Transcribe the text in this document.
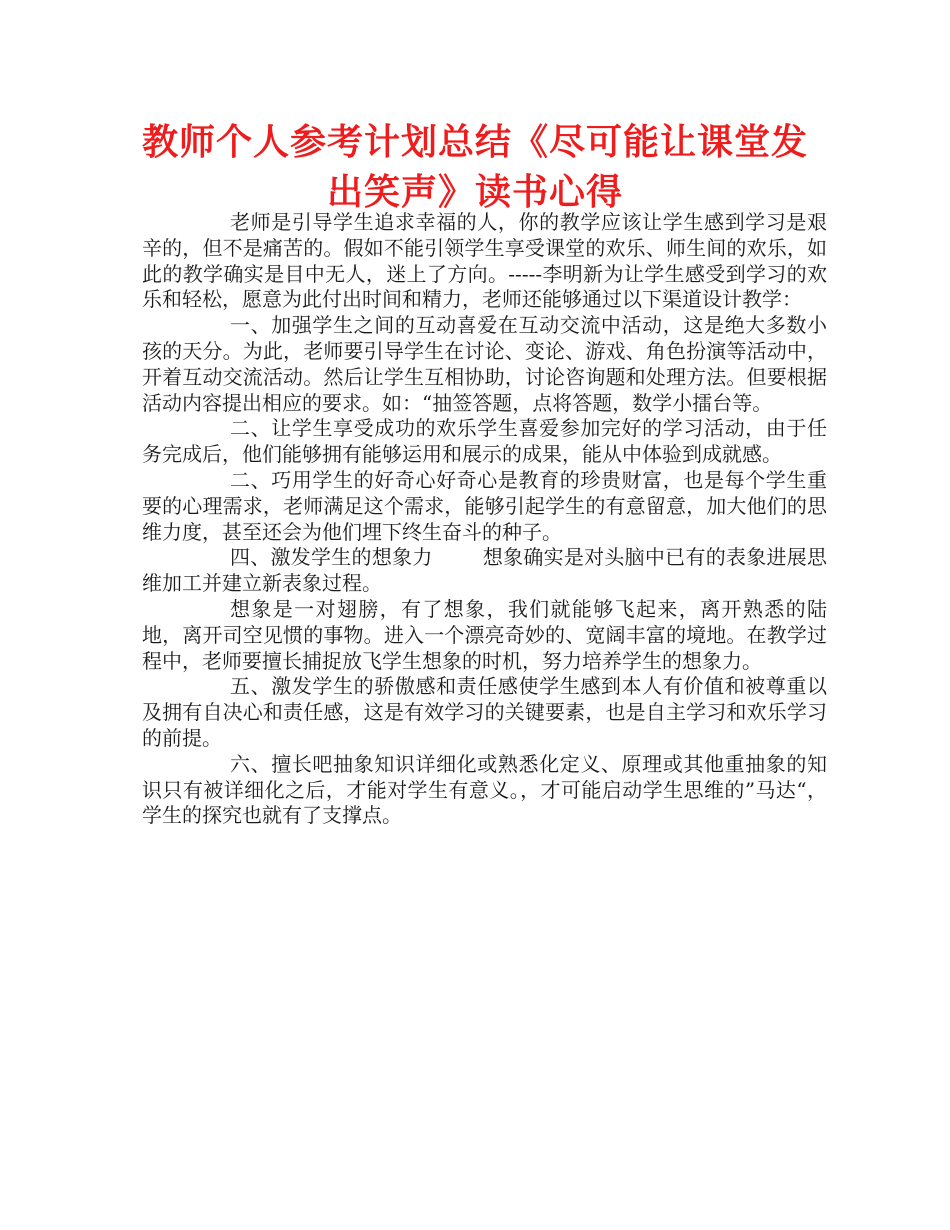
教师个人参考计划总结《尽可能让课堂发出笑声》读书心得

老师是引导学生追求幸福的人，你的教学应该让学生感到学习是艰辛的，但不是痛苦的。假如不能引领学生享受课堂的欢乐、师生间的欢乐，如此的教学确实是目中无人，迷上了方向。-----李明新为让学生感受到学习的欢乐和轻松，愿意为此付出时间和精力，老师还能够通过以下渠道设计教学：

一、加强学生之间的互动喜爱在互动交流中活动，这是绝大多数小孩的天分。为此，老师要引导学生在讨论、变论、游戏、角色扮演等活动中，开着互动交流活动。然后让学生互相协助，讨论咨询题和处理方法。但要根据活动内容提出相应的要求。如：“抽签答题，点将答题，数学小擂台等。

二、让学生享受成功的欢乐学生喜爱参加完好的学习活动，由于任务完成后，他们能够拥有能够运用和展示的成果，能从中体验到成就感。

二、巧用学生的好奇心好奇心是教育的珍贵财富，也是每个学生重要的心理需求，老师满足这个需求，能够引起学生的有意留意，加大他们的思维力度，甚至还会为他们埋下终生奋斗的种子。

四、激发学生的想象力	想象确实是对头脑中已有的表象进展思维加工并建立新表象过程。

想象是一对翅膀，有了想象，我们就能够飞起来，离开熟悉的陆地，离开司空见惯的事物。进入一个漂亮奇妙的、宽阔丰富的境地。在教学过程中，老师要擅长捕捉放飞学生想象的时机，努力培养学生的想象力。

五、激发学生的骄傲感和责任感使学生感到本人有价值和被尊重以及拥有自决心和责任感，这是有效学习的关键要素，也是自主学习和欢乐学习的前提。

六、擅长吧抽象知识详细化或熟悉化定义、原理或其他重抽象的知识只有被详细化之后，才能对学生有意义。，才可能启动学生思维的”马达“，学生的探究也就有了支撑点。
